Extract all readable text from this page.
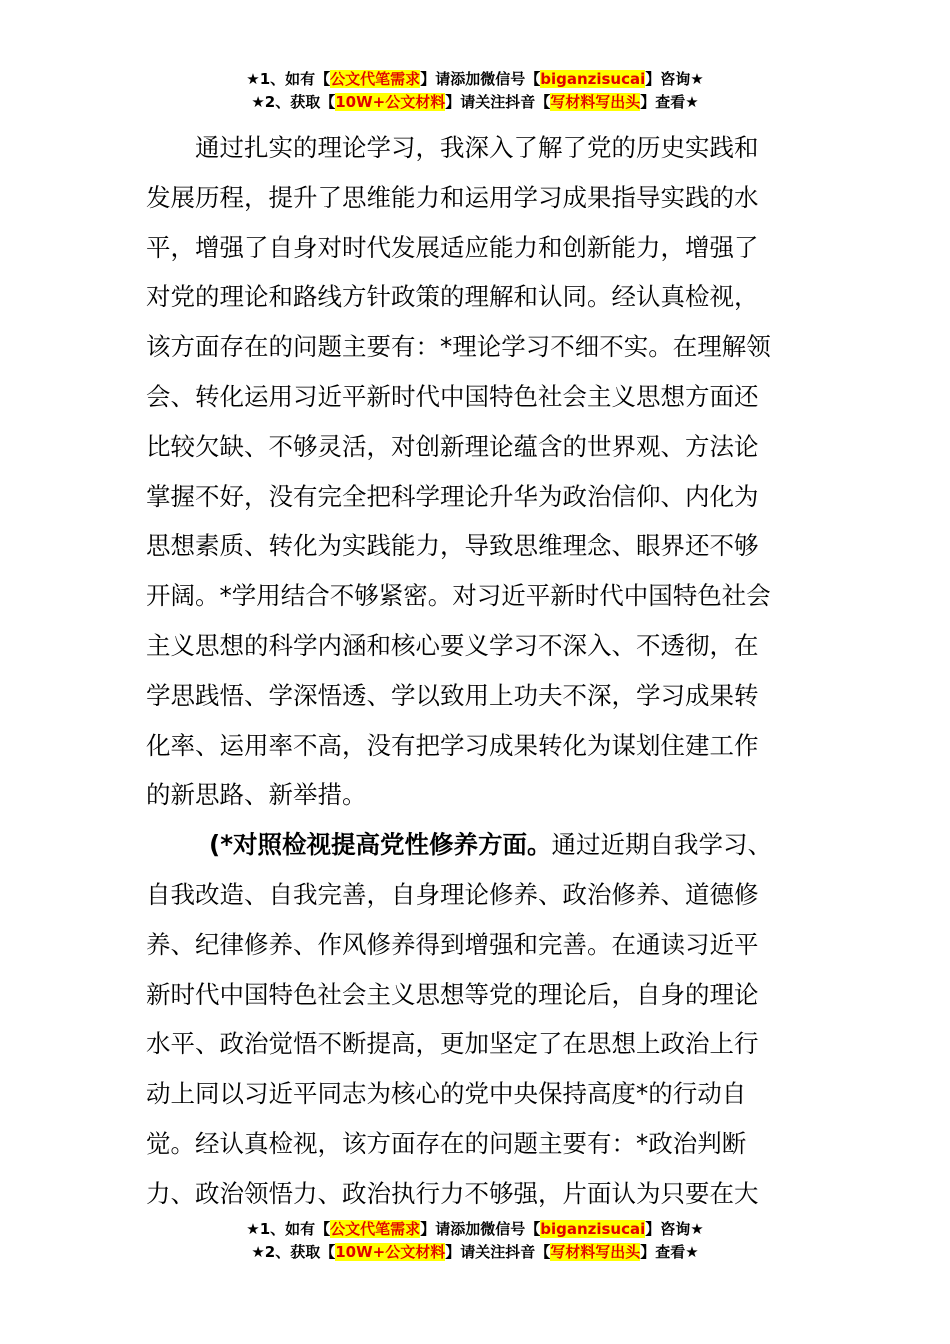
★1、如有【公文代笔需求】请添加微信号【biganzisucai】咨询★
★2、获取【10W+公文材料】请关注抖音【写材料写出头】查看★
通过扎实的理论学习，我深入了解了党的历史实践和
发展历程，提升了思维能力和运用学习成果指导实践的水
平，增强了自身对时代发展适应能力和创新能力，增强了
对党的理论和路线方针政策的理解和认同。经认真检视，
该方面存在的问题主要有：*理论学习不细不实。在理解领
会、转化运用习近平新时代中国特色社会主义思想方面还
比较欠缺、不够灵活，对创新理论蕴含的世界观、方法论
掌握不好，没有完全把科学理论升华为政治信仰、内化为
思想素质、转化为实践能力，导致思维理念、眼界还不够
开阔。*学用结合不够紧密。对习近平新时代中国特色社会
主义思想的科学内涵和核心要义学习不深入、不透彻，在
学思践悟、学深悟透、学以致用上功夫不深，学习成果转
化率、运用率不高，没有把学习成果转化为谋划住建工作
的新思路、新举措。
(*对照检视提高党性修养方面。通过近期自我学习、
自我改造、自我完善，自身理论修养、政治修养、道德修
养、纪律修养、作风修养得到增强和完善。在通读习近平
新时代中国特色社会主义思想等党的理论后，自身的理论
水平、政治觉悟不断提高，更加坚定了在思想上政治上行
动上同以习近平同志为核心的党中央保持高度*的行动自
觉。经认真检视，该方面存在的问题主要有：*政治判断
力、政治领悟力、政治执行力不够强，片面认为只要在大
★1、如有【公文代笔需求】请添加微信号【biganzisucai】咨询★
★2、获取【10W+公文材料】请关注抖音【写材料写出头】查看★
